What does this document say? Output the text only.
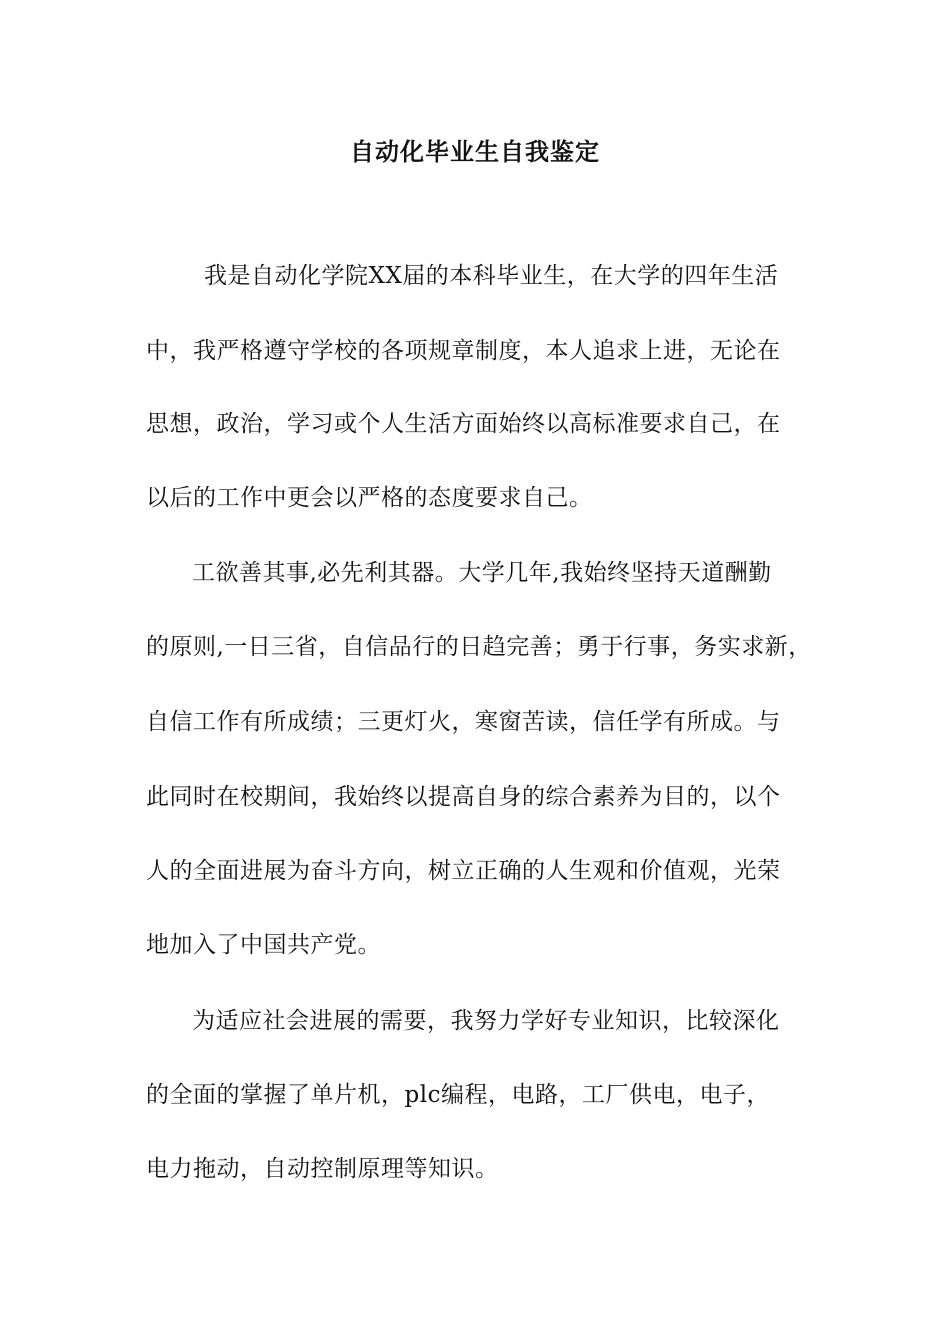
自动化毕业生自我鉴定
我是自动化学院XX届的本科毕业生，在大学的四年生活
中，我严格遵守学校的各项规章制度，本人追求上进，无论在
思想，政治，学习或个人生活方面始终以高标准要求自己，在
以后的工作中更会以严格的态度要求自己。
工欲善其事,必先利其器。大学几年,我始终坚持天道酬勤
的原则,一日三省，自信品行的日趋完善；勇于行事，务实求新，
自信工作有所成绩；三更灯火，寒窗苦读，信任学有所成。与
此同时在校期间，我始终以提高自身的综合素养为目的，以个
人的全面进展为奋斗方向，树立正确的人生观和价值观，光荣
地加入了中国共产党。
为适应社会进展的需要，我努力学好专业知识，比较深化
的全面的掌握了单片机，plc编程，电路，工厂供电，电子，
电力拖动，自动控制原理等知识。
